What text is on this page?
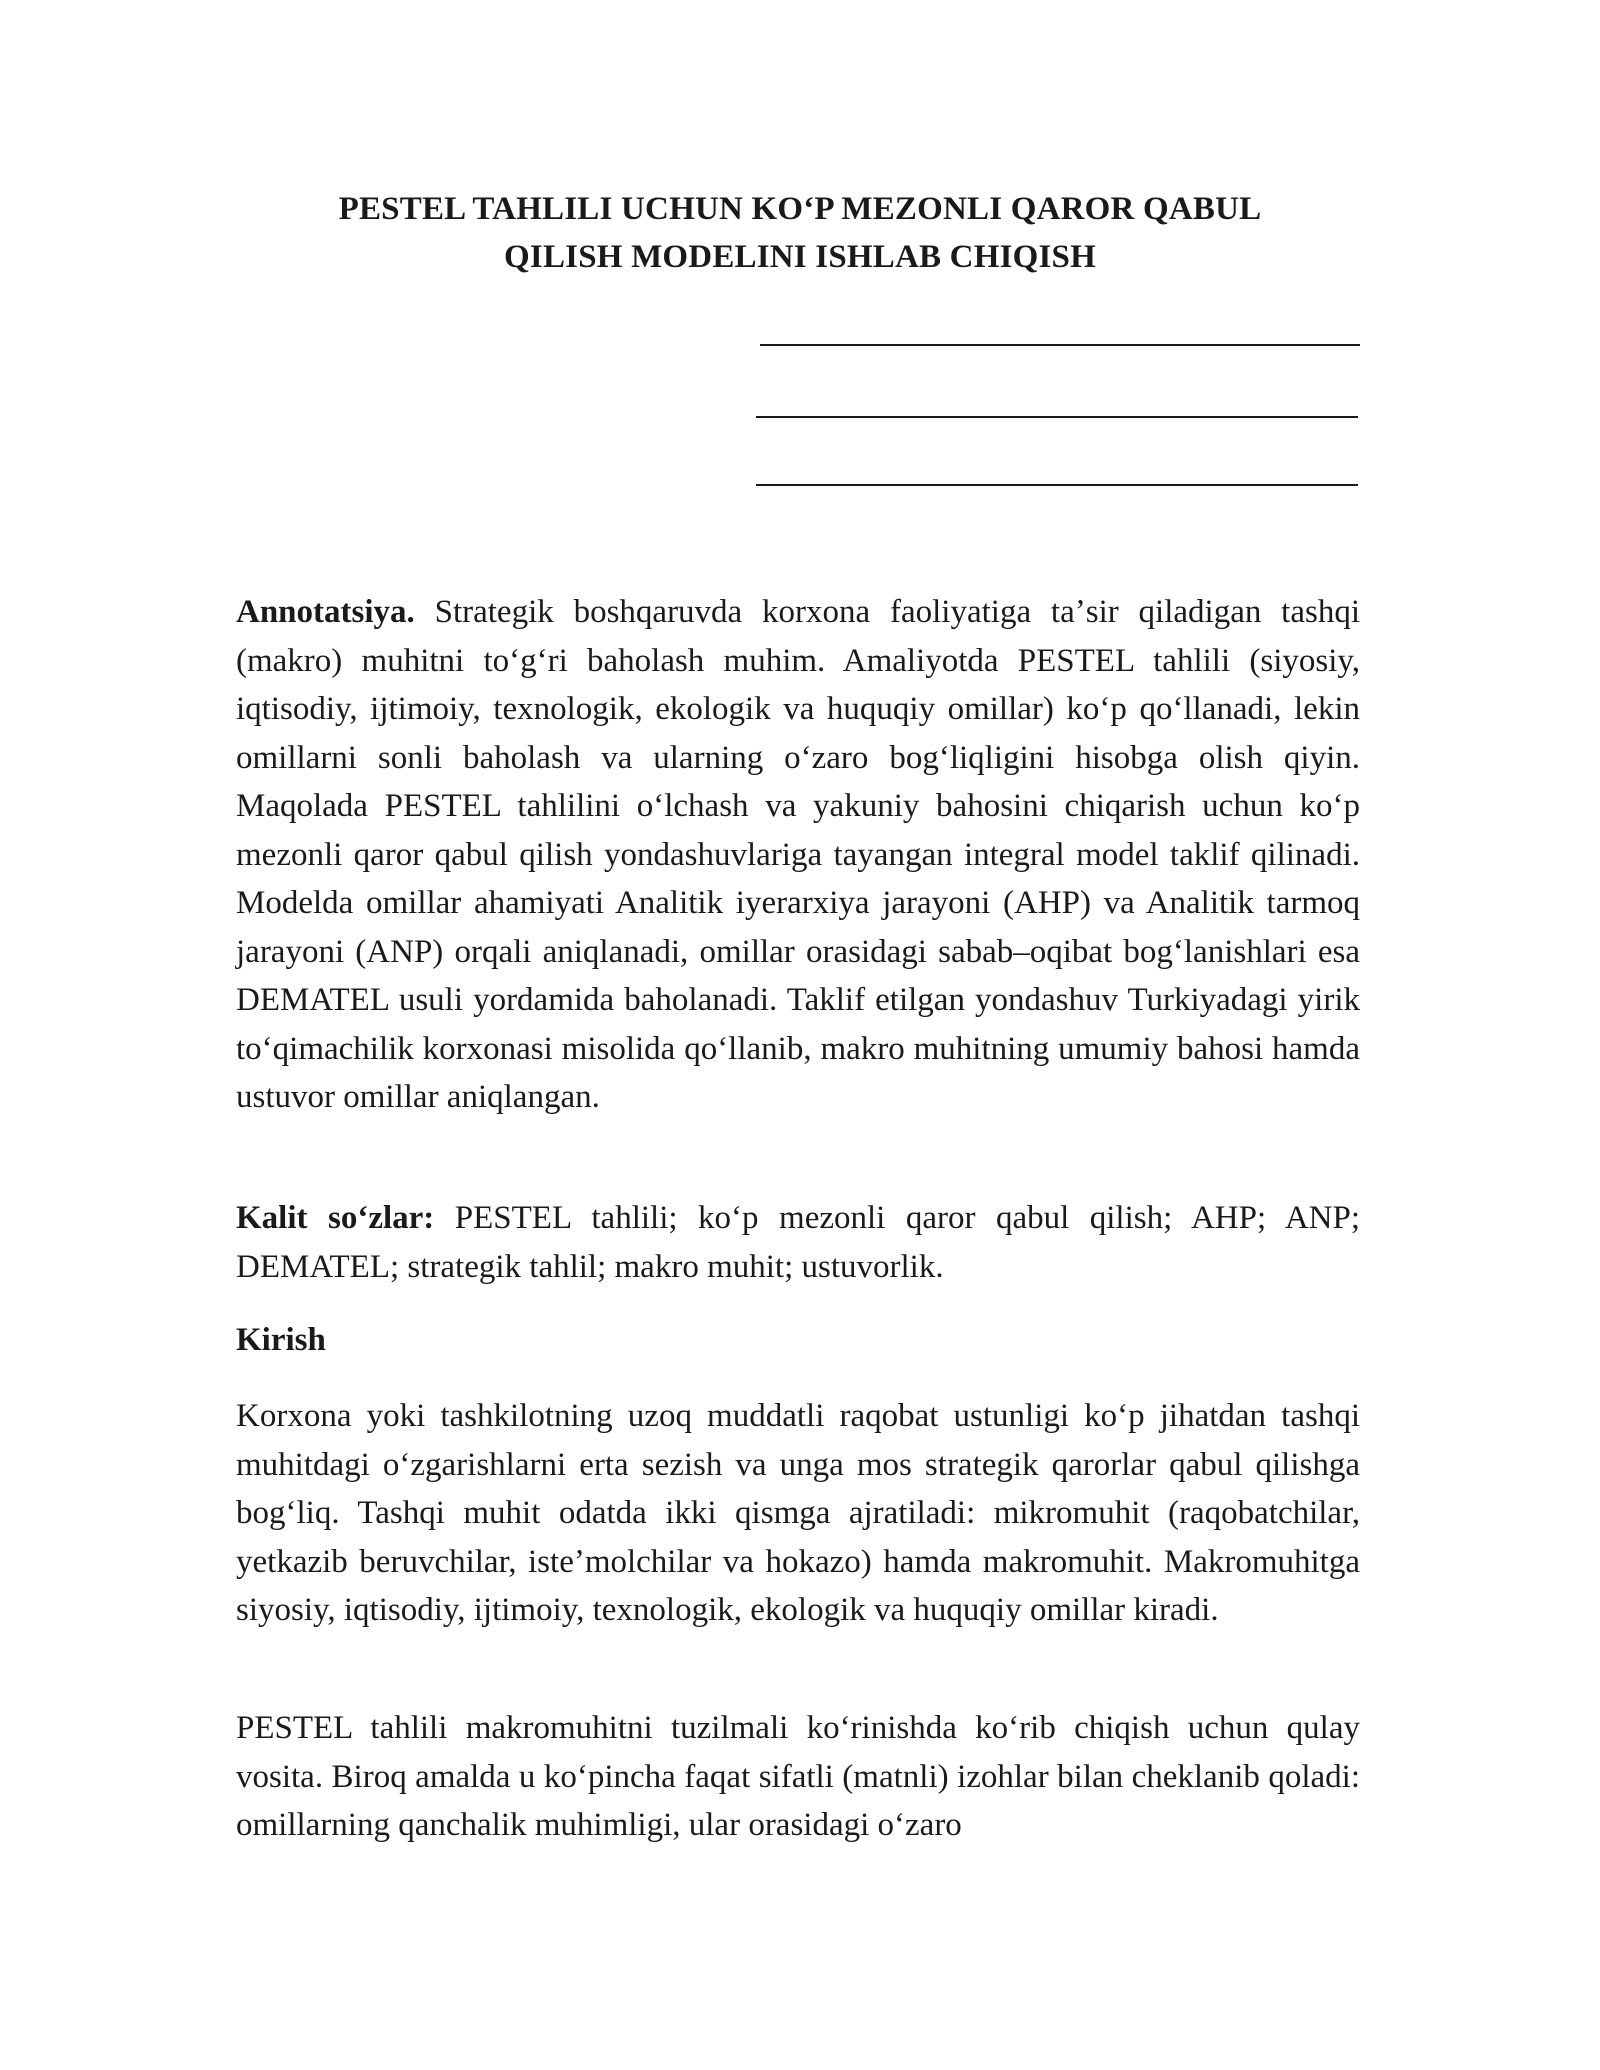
PESTEL TAHLILI UCHUN KOʻP MEZONLI QAROR QABUL
QILISH MODELINI ISHLAB CHIQISH

Annotatsiya. Strategik boshqaruvda korxona faoliyatiga taʼsir qiladigan tashqi (makro) muhitni toʻgʻri baholash muhim. Amaliyotda PESTEL tahlili (siyosiy, iqtisodiy, ijtimoiy, texnologik, ekologik va huquqiy omillar) koʻp qoʻllanadi, lekin omillarni sonli baholash va ularning oʻzaro bogʻliqligini hisobga olish qiyin. Maqolada PESTEL tahlilini oʻlchash va yakuniy bahosini chiqarish uchun koʻp mezonli qaror qabul qilish yondashuvlariga tayangan integral model taklif qilinadi. Modelda omillar ahamiyati Analitik iyerarxiya jarayoni (AHP) va Analitik tarmoq jarayoni (ANP) orqali aniqlanadi, omillar orasidagi sabab–oqibat bogʻlanishlari esa DEMATEL usuli yordamida baholanadi. Taklif etilgan yondashuv Turkiyadagi yirik toʻqimachilik korxonasi misolida qoʻllanib, makro muhitning umumiy bahosi hamda ustuvor omillar aniqlangan.

Kalit soʻzlar: PESTEL tahlili; koʻp mezonli qaror qabul qilish; AHP; ANP; DEMATEL; strategik tahlil; makro muhit; ustuvorlik.

Kirish

Korxona yoki tashkilotning uzoq muddatli raqobat ustunligi koʻp jihatdan tashqi muhitdagi oʻzgarishlarni erta sezish va unga mos strategik qarorlar qabul qilishga bogʻliq. Tashqi muhit odatda ikki qismga ajratiladi: mikromuhit (raqobatchilar, yetkazib beruvchilar, isteʼmolchilar va hokazo) hamda makromuhit. Makromuhitga siyosiy, iqtisodiy, ijtimoiy, texnologik, ekologik va huquqiy omillar kiradi.

PESTEL tahlili makromuhitni tuzilmali koʻrinishda koʻrib chiqish uchun qulay vosita. Biroq amalda u koʻpincha faqat sifatli (matnli) izohlar bilan cheklanib qoladi: omillarning qanchalik muhimligi, ular orasidagi oʻzaro
